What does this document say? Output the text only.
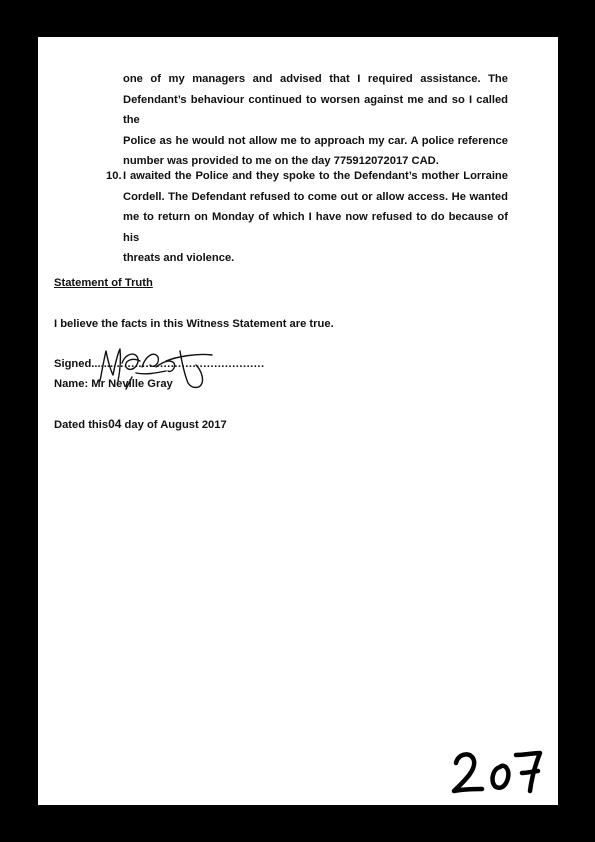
one of my managers and advised that I required assistance. The
Defendant’s behaviour continued to worsen against me and so I called the
Police as he would not allow me to approach my car. A police reference
number was provided to me on the day 775912072017 CAD.
10. I awaited the Police and they spoke to the Defendant’s mother Lorraine
Cordell. The Defendant refused to come out or allow access. He wanted
me to return on Monday of which I have now refused to do because of his
threats and violence.
Statement of Truth
I believe the facts in this Witness Statement are true.
Signed.................................................
Name: Mr Neville Gray
Dated this04 day of August 2017
